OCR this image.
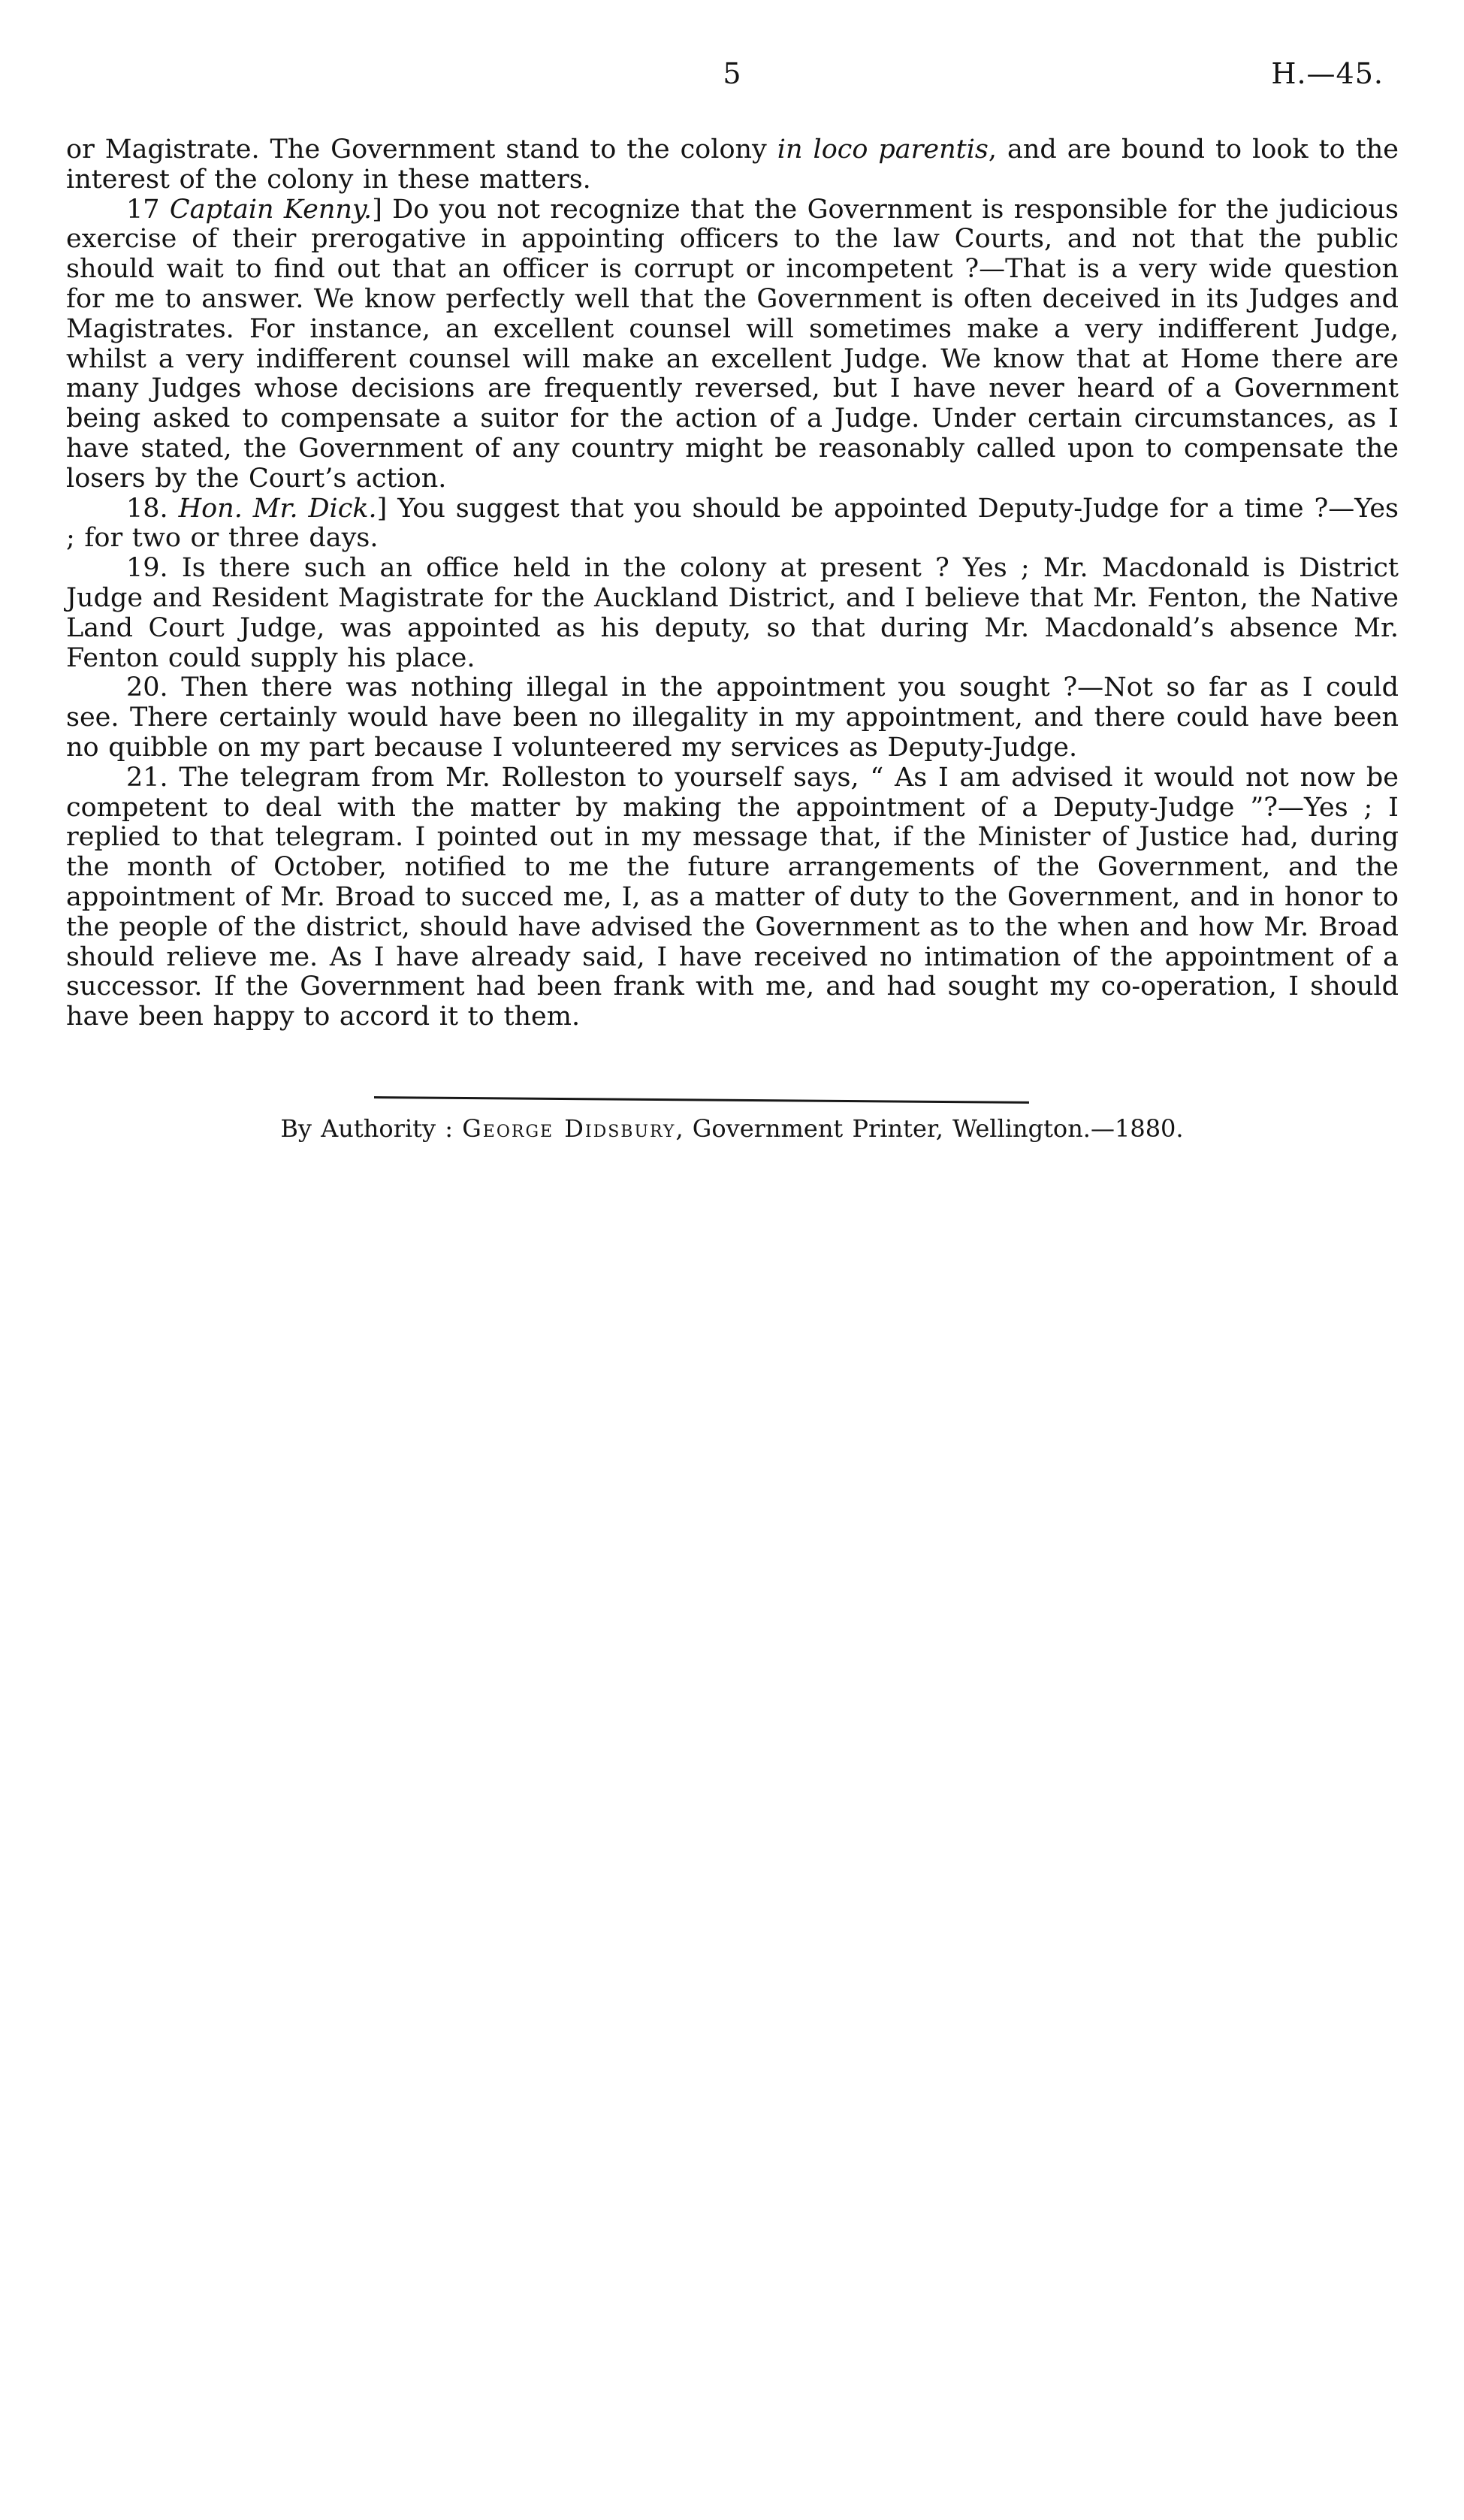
5	H.—45.

or Magistrate. The Government stand to the colony in loco parentis, and are bound to look to the interest of the colony in these matters.

17 Captain Kenny.] Do you not recognize that the Government is responsible for the judicious exercise of their prerogative in appointing officers to the law Courts, and not that the public should wait to find out that an officer is corrupt or incompetent ?—That is a very wide question for me to answer. We know perfectly well that the Government is often deceived in its Judges and Magistrates. For instance, an excellent counsel will sometimes make a very indifferent Judge, whilst a very indifferent counsel will make an excellent Judge. We know that at Home there are many Judges whose decisions are frequently reversed, but I have never heard of a Government being asked to compensate a suitor for the action of a Judge. Under certain circumstances, as I have stated, the Government of any country might be reasonably called upon to compensate the losers by the Court’s action.

18. Hon. Mr. Dick.] You suggest that you should be appointed Deputy-Judge for a time ?—Yes ; for two or three days.

19. Is there such an office held in the colony at present ? Yes ; Mr. Macdonald is District Judge and Resident Magistrate for the Auckland District, and I believe that Mr. Fenton, the Native Land Court Judge, was appointed as his deputy, so that during Mr. Macdonald’s absence Mr. Fenton could supply his place.

20. Then there was nothing illegal in the appointment you sought ?—Not so far as I could see. There certainly would have been no illegality in my appointment, and there could have been no quibble on my part because I volunteered my services as Deputy-Judge.

21. The telegram from Mr. Rolleston to yourself says, “ As I am advised it would not now be competent to deal with the matter by making the appointment of a Deputy-Judge ”?—Yes ; I replied to that telegram. I pointed out in my message that, if the Minister of Justice had, during the month of October, notified to me the future arrangements of the Government, and the appointment of Mr. Broad to succed me, I, as a matter of duty to the Government, and in honor to the people of the district, should have advised the Government as to the when and how Mr. Broad should relieve me. As I have already said, I have received no intimation of the appointment of a successor. If the Government had been frank with me, and had sought my co-operation, I should have been happy to accord it to them.

By Authority : George Didsbury, Government Printer, Wellington.—1880.
